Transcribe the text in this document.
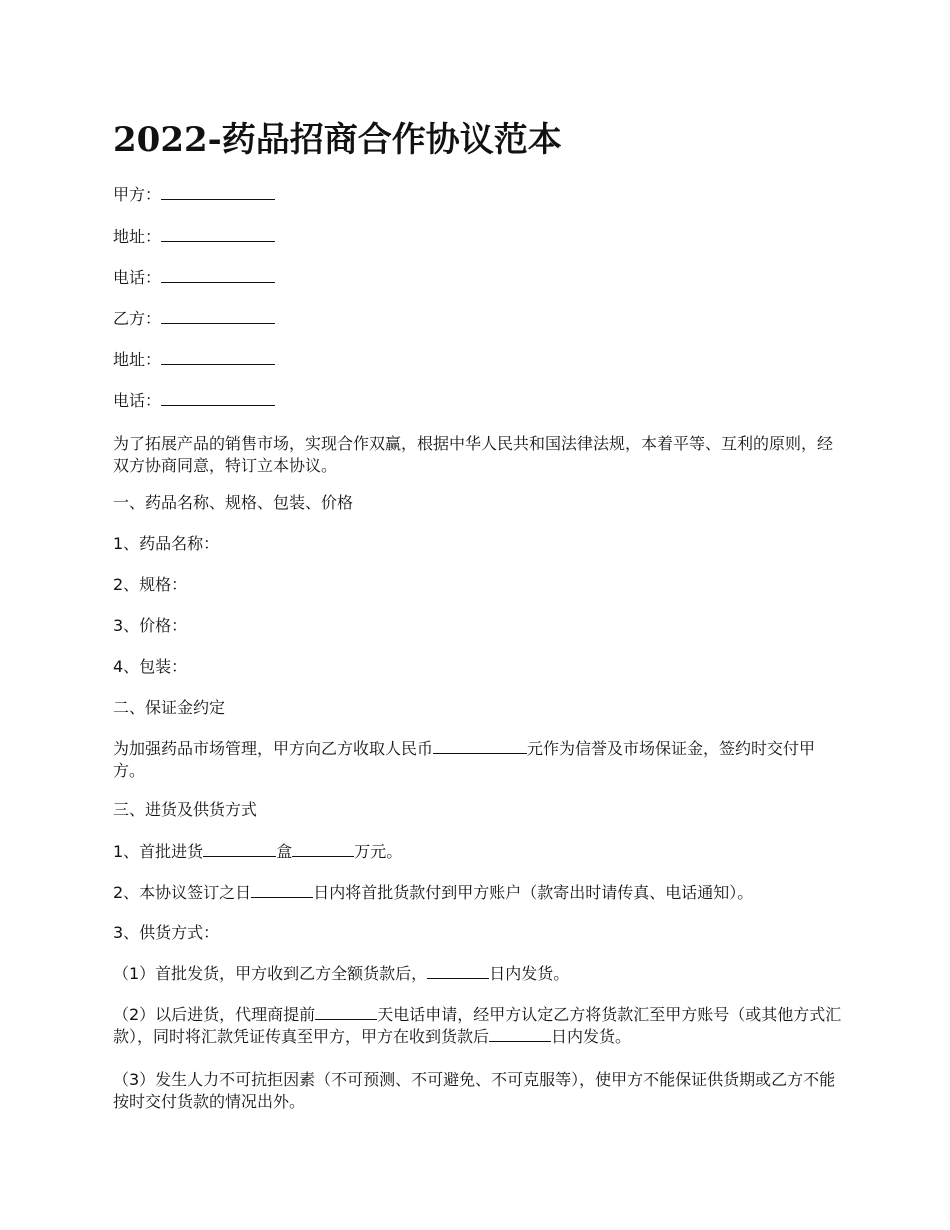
2022-药品招商合作协议范本

甲方：

地址：

电话：

乙方：

地址：

电话：

为了拓展产品的销售市场，实现合作双赢，根据中华人民共和国法律法规，本着平等、互利的原则，经双方协商同意，特订立本协议。

一、药品名称、规格、包装、价格

1、药品名称：

2、规格：

3、价格：

4、包装：

二、保证金约定

为加强药品市场管理，甲方向乙方收取人民币	元作为信誉及市场保证金，签约时交付甲方。

三、进货及供货方式

1、首批进货	盒	万元。

2、本协议签订之日	日内将首批货款付到甲方账户（款寄出时请传真、电话通知）。

3、供货方式：

（1）首批发货，甲方收到乙方全额货款后，	日内发货。

（2）以后进货，代理商提前	天电话申请，经甲方认定乙方将货款汇至甲方账号（或其他方式汇款），同时将汇款凭证传真至甲方，甲方在收到货款后	日内发货。

（3）发生人力不可抗拒因素（不可预测、不可避免、不可克服等），使甲方不能保证供货期或乙方不能按时交付货款的情况出外。
